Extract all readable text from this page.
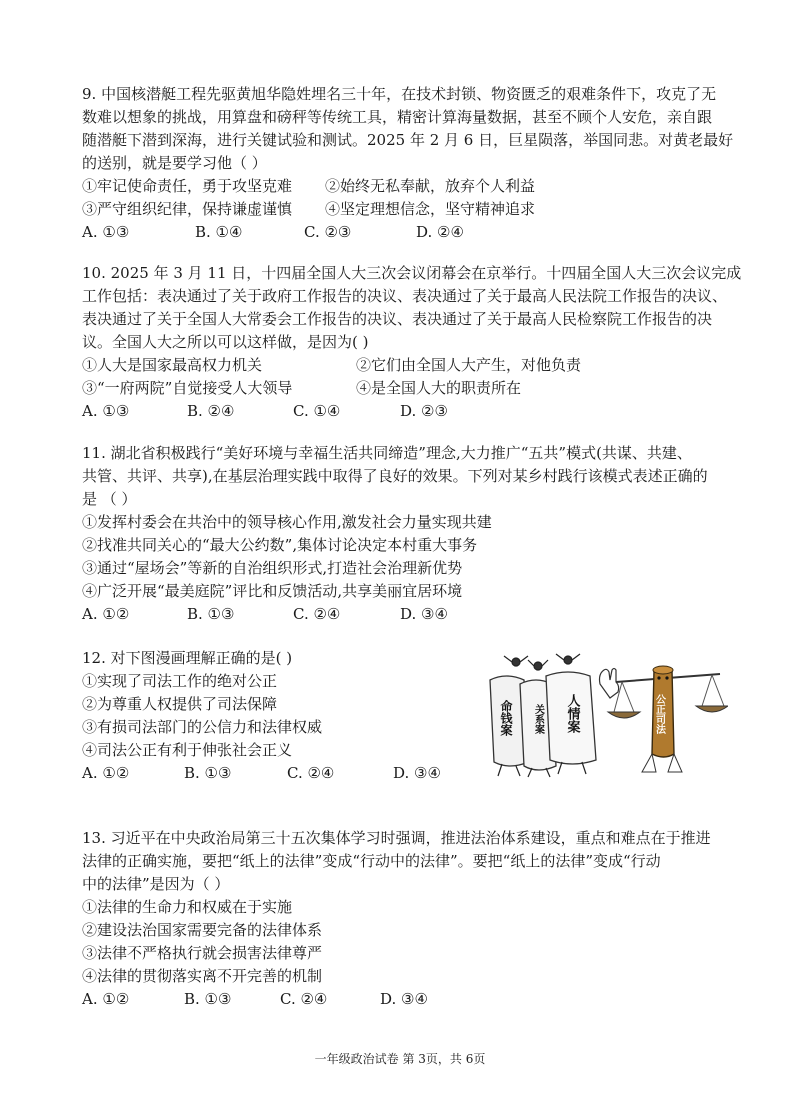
9. 中国核潜艇工程先驱黄旭华隐姓埋名三十年，在技术封锁、物资匮乏的艰难条件下，攻克了无
数难以想象的挑战，用算盘和磅秤等传统工具，精密计算海量数据，甚至不顾个人安危，亲自跟
随潜艇下潜到深海，进行关键试验和测试。2025 年 2 月 6 日，巨星陨落，举国同悲。对黄老最好
的送别，就是要学习他（ ）
①牢记使命责任，勇于攻坚克难 ②始终无私奉献，放弃个人利益
③严守组织纪律，保持谦虚谨慎 ④坚定理想信念，坚守精神追求
A. ①③	B. ①④	C. ②③	D. ②④
10. 2025 年 3 月 11 日，十四届全国人大三次会议闭幕会在京举行。十四届全国人大三次会议完成
工作包括：表决通过了关于政府工作报告的决议、表决通过了关于最高人民法院工作报告的决议、
表决通过了关于全国人大常委会工作报告的决议、表决通过了关于最高人民检察院工作报告的决
议。全国人大之所以可以这样做，是因为( )
①人大是国家最高权力机关	②它们由全国人大产生，对他负责
③“一府两院”自觉接受人大领导	④是全国人大的职责所在
A. ①③	B. ②④	C. ①④	D. ②③
11. 湖北省积极践行“美好环境与幸福生活共同缔造”理念,大力推广“五共”模式(共谋、共建、
共管、共评、共享),在基层治理实践中取得了良好的效果。下列对某乡村践行该模式表述正确的
是 （ ）
①发挥村委会在共治中的领导核心作用,激发社会力量实现共建
②找准共同关心的“最大公约数”,集体讨论决定本村重大事务
③通过“屋场会”等新的自治组织形式,打造社会治理新优势
④广泛开展“最美庭院”评比和反馈活动,共享美丽宜居环境
A. ①②	B. ①③	C. ②④	D. ③④
12. 对下图漫画理解正确的是( )
①实现了司法工作的绝对公正
②为尊重人权提供了司法保障
③有损司法部门的公信力和法律权威
④司法公正有利于伸张社会正义
A. ①②	B. ①③	C. ②④	D. ③④
命钱案 关系案 人情案	公正司法
13. 习近平在中央政治局第三十五次集体学习时强调，推进法治体系建设，重点和难点在于推进
法律的正确实施，要把“纸上的法律”变成“行动中的法律”。要把“纸上的法律”变成“行动
中的法律”是因为（ ）
①法律的生命力和权威在于实施
②建设法治国家需要完备的法律体系
③法律不严格执行就会损害法律尊严
④法律的贯彻落实离不开完善的机制
A. ①②	B. ①③	C. ②④	D. ③④
一年级政治试卷 第 3页，共 6页
